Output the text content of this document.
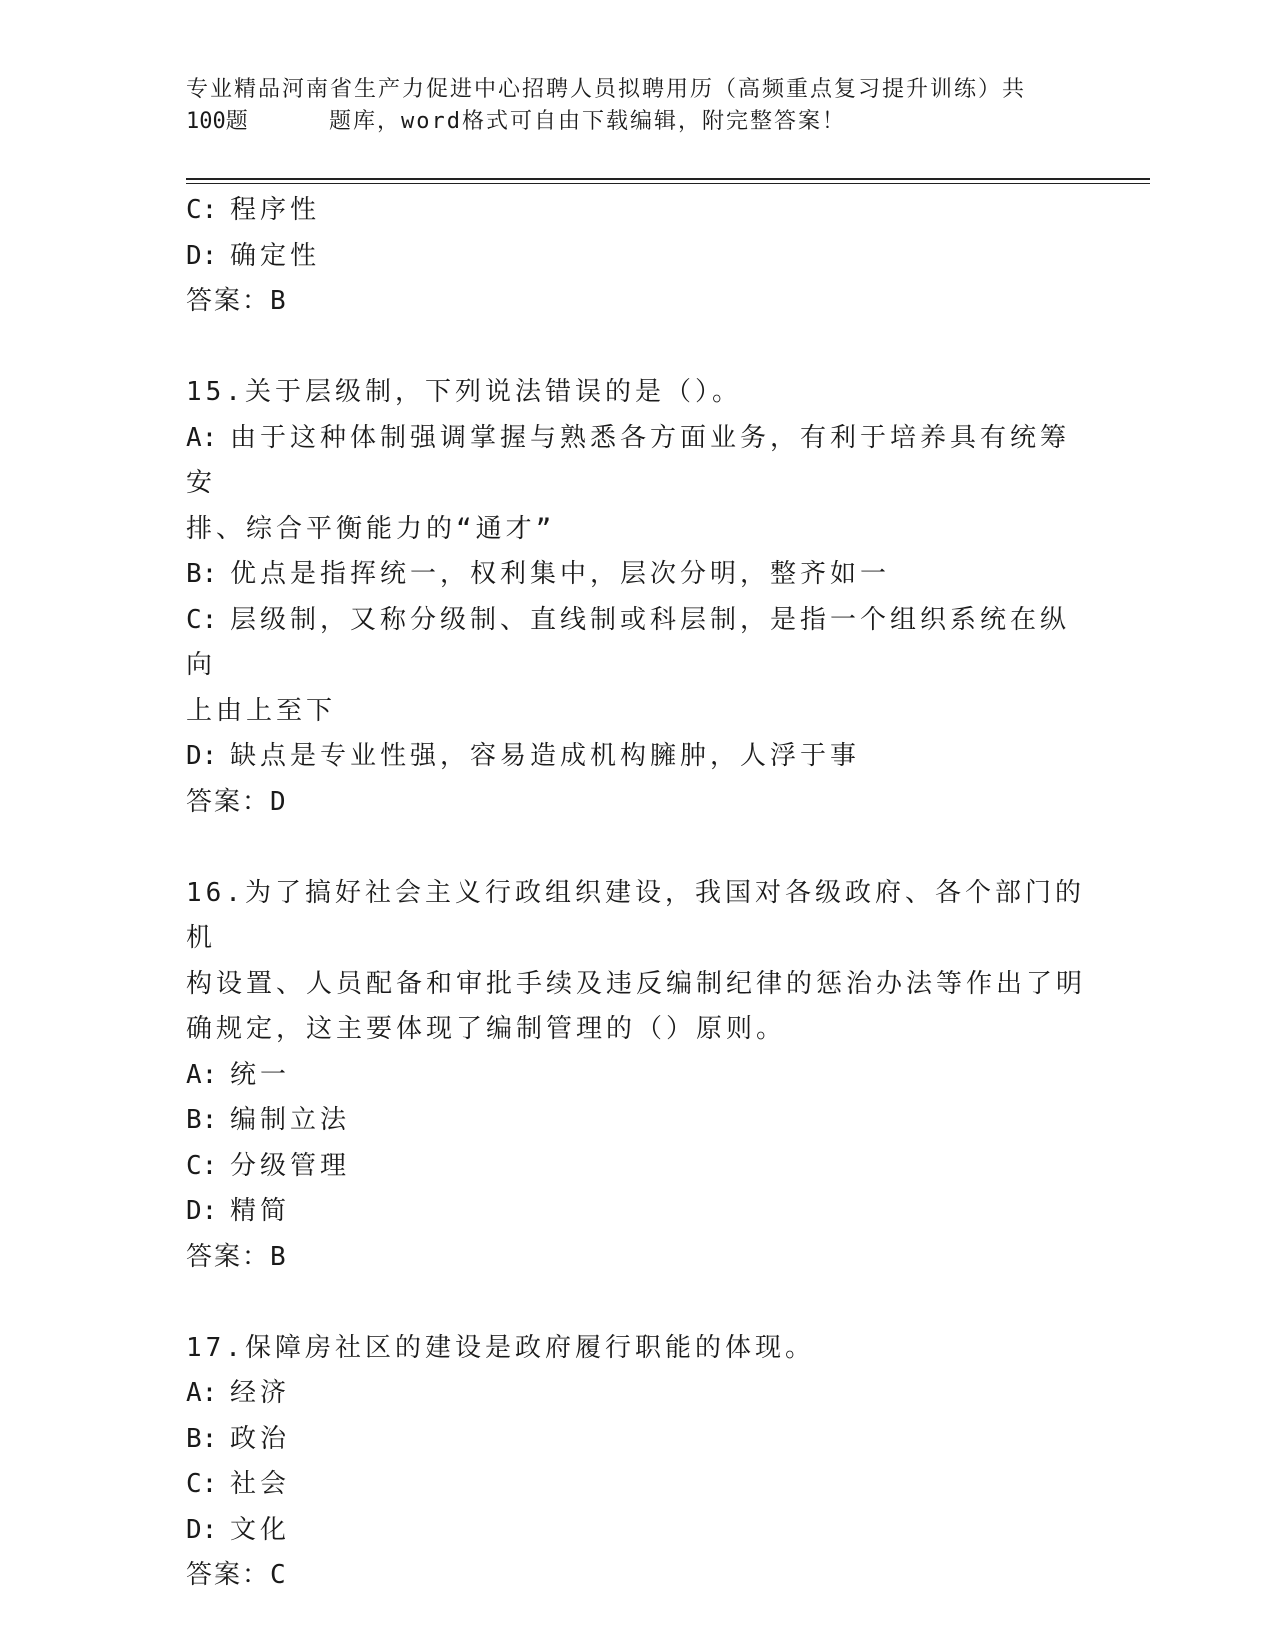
专业精品河南省生产力促进中心招聘人员拟聘用历（高频重点复习提升训练）共
100题	题库，word格式可自由下载编辑，附完整答案！

C: 程序性

D: 确定性

答案：B

15.关于层级制，下列说法错误的是（）。

A: 由于这种体制强调掌握与熟悉各方面业务，有利于培养具有统筹安

排、综合平衡能力的“通才”

B: 优点是指挥统一，权利集中，层次分明，整齐如一

C: 层级制，又称分级制、直线制或科层制，是指一个组织系统在纵向

上由上至下

D: 缺点是专业性强，容易造成机构臃肿，人浮于事

答案：D

16.为了搞好社会主义行政组织建设，我国对各级政府、各个部门的机

构设置、人员配备和审批手续及违反编制纪律的惩治办法等作出了明

确规定，这主要体现了编制管理的（）原则。

A: 统一

B: 编制立法

C: 分级管理

D: 精简

答案：B

17.保障房社区的建设是政府履行职能的体现。

A: 经济

B: 政治

C: 社会

D: 文化

答案：C
